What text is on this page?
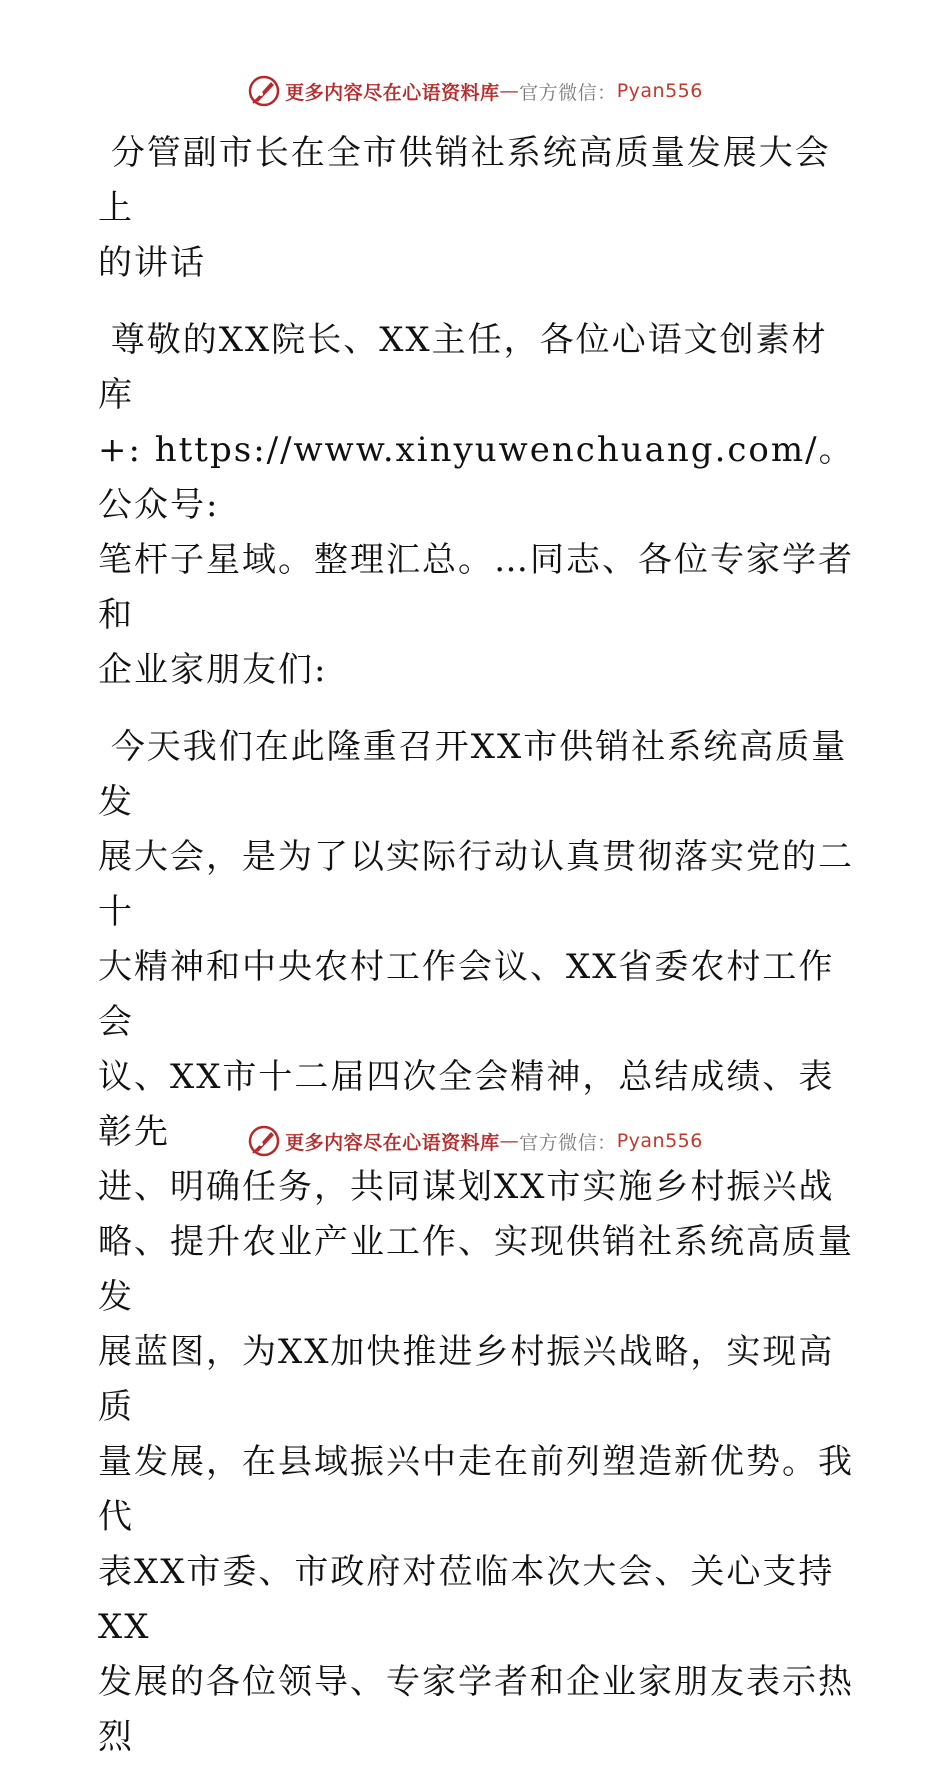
更多内容尽在心语资料库 — 官方微信： Pyan556

分管副市长在全市供销社系统高质量发展大会上

的讲话

尊敬的XX院长、XX主任，各位心语文创素材库

+: https://www.xinyuwenchuang.com/。公众号:

笔杆子星域。整理汇总。…同志、各位专家学者和

企业家朋友们:

今天我们在此隆重召开XX市供销社系统高质量发

展大会，是为了以实际行动认真贯彻落实党的二十

大精神和中央农村工作会议、XX省委农村工作会

议、XX市十二届四次全会精神，总结成绩、表彰先

进、明确任务，共同谋划XX市实施乡村振兴战

略、提升农业产业工作、实现供销社系统高质量发

展蓝图，为XX加快推进乡村振兴战略，实现高质

量发展，在县域振兴中走在前列塑造新优势。我代

表XX市委、市政府对莅临本次大会、关心支持XX

发展的各位领导、专家学者和企业家朋友表示热烈

更多内容尽在心语资料库 — 官方微信： Pyan556
